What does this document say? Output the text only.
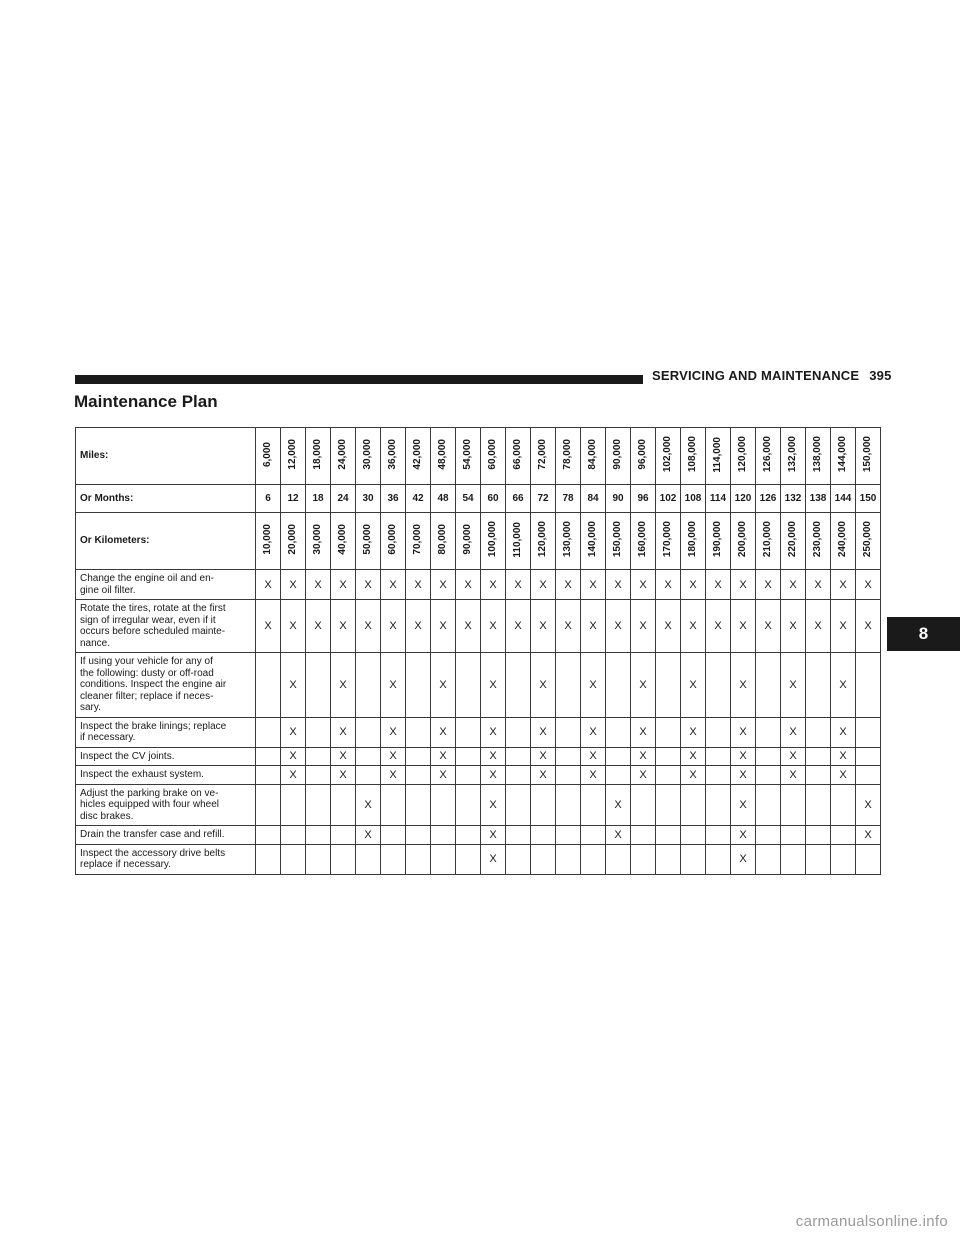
SERVICING AND MAINTENANCE 395
Maintenance Plan
Miles:	6,000	12,000	18,000	24,000	30,000	36,000	42,000	48,000	54,000	60,000	66,000	72,000	78,000	84,000	90,000	96,000	102,000	108,000	114,000	120,000	126,000	132,000	138,000	144,000	150,000
Or Months:	6	12	18	24	30	36	42	48	54	60	66	72	78	84	90	96	102	108	114	120	126	132	138	144	150
Or Kilometers:	10,000	20,000	30,000	40,000	50,000	60,000	70,000	80,000	90,000	100,000	110,000	120,000	130,000	140,000	150,000	160,000	170,000	180,000	190,000	200,000	210,000	220,000	230,000	240,000	250,000
Change the engine oil and en-
gine oil filter.	X	X	X	X	X	X	X	X	X	X	X	X	X	X	X	X	X	X	X	X	X	X	X	X	X
Rotate the tires, rotate at the first
sign of irregular wear, even if it
occurs before scheduled mainte-
nance.	X	X	X	X	X	X	X	X	X	X	X	X	X	X	X	X	X	X	X	X	X	X	X	X	X
If using your vehicle for any of
the following: dusty or off-road
conditions. Inspect the engine air
cleaner filter; replace if neces-
sary.		X		X		X		X		X		X		X		X		X		X		X		X	
Inspect the brake linings; replace
if necessary.		X		X		X		X		X		X		X		X		X		X		X		X	
Inspect the CV joints.		X		X		X		X		X		X		X		X		X		X		X		X	
Inspect the exhaust system.		X		X		X		X		X		X		X		X		X		X		X		X	
Adjust the parking brake on ve-
hicles equipped with four wheel
disc brakes.					X					X					X					X					X
Drain the transfer case and refill.					X					X					X					X					X
Inspect the accessory drive belts
replace if necessary.										X										X					
8
carmanualsonline.info
